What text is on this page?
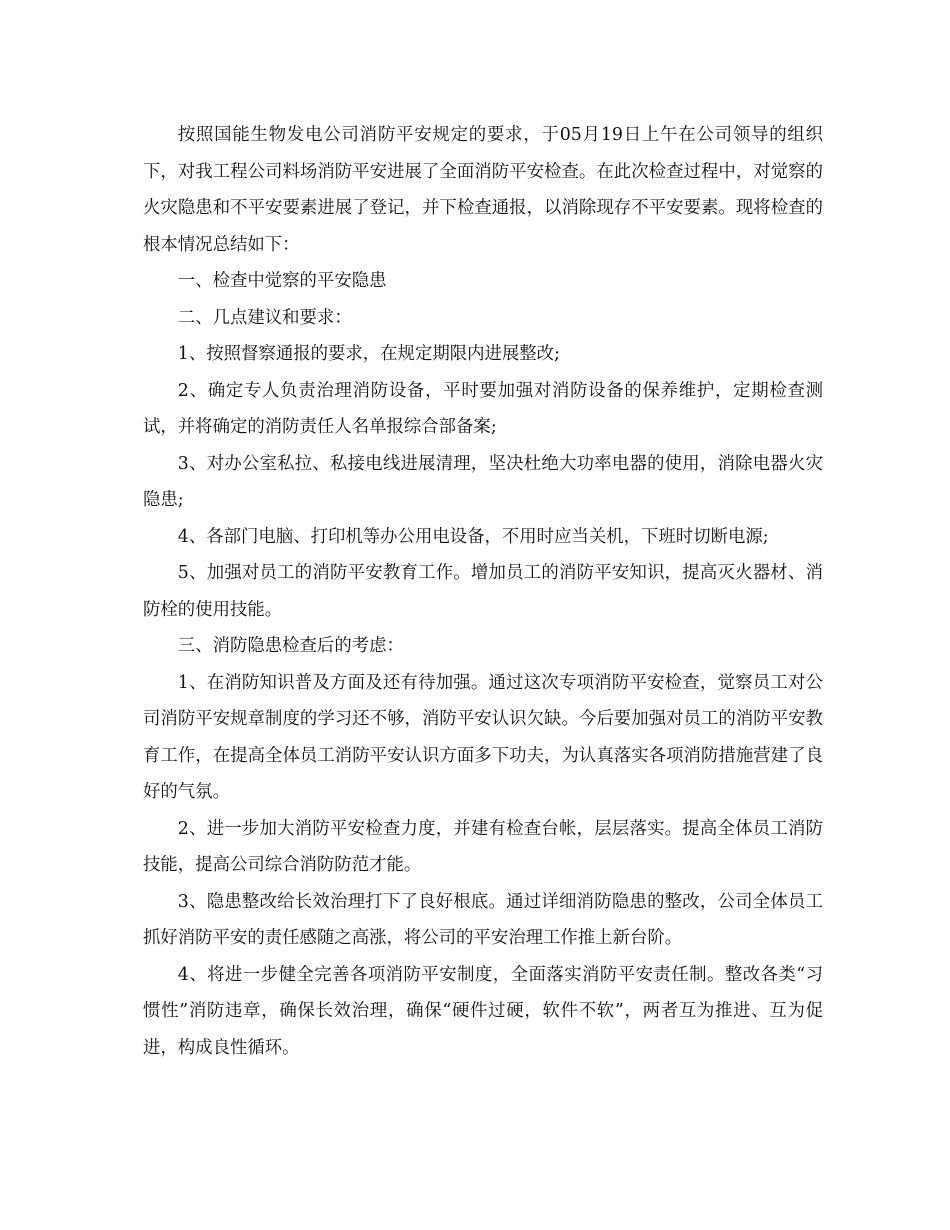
按照国能生物发电公司消防平安规定的要求，于05月19日上午在公司领导的组织下，对我工程公司料场消防平安进展了全面消防平安检查。在此次检查过程中，对觉察的火灾隐患和不平安要素进展了登记，并下检查通报，以消除现存不平安要素。现将检查的根本情况总结如下：

一、检查中觉察的平安隐患

二、几点建议和要求：

1、按照督察通报的要求，在规定期限内进展整改;

2、确定专人负责治理消防设备，平时要加强对消防设备的保养维护，定期检查测试，并将确定的消防责任人名单报综合部备案;

3、对办公室私拉、私接电线进展清理，坚决杜绝大功率电器的使用，消除电器火灾隐患;

4、各部门电脑、打印机等办公用电设备，不用时应当关机，下班时切断电源;

5、加强对员工的消防平安教育工作。增加员工的消防平安知识，提高灭火器材、消防栓的使用技能。

三、消防隐患检查后的考虑：

1、在消防知识普及方面及还有待加强。通过这次专项消防平安检查，觉察员工对公司消防平安规章制度的学习还不够，消防平安认识欠缺。今后要加强对员工的消防平安教育工作，在提高全体员工消防平安认识方面多下功夫，为认真落实各项消防措施营建了良好的气氛。

2、进一步加大消防平安检查力度，并建有检查台帐，层层落实。提高全体员工消防技能，提高公司综合消防防范才能。

3、隐患整改给长效治理打下了良好根底。通过详细消防隐患的整改，公司全体员工抓好消防平安的责任感随之高涨，将公司的平安治理工作推上新台阶。

4、将进一步健全完善各项消防平安制度，全面落实消防平安责任制。整改各类“习惯性”消防违章，确保长效治理，确保“硬件过硬，软件不软”，两者互为推进、互为促进，构成良性循环。
